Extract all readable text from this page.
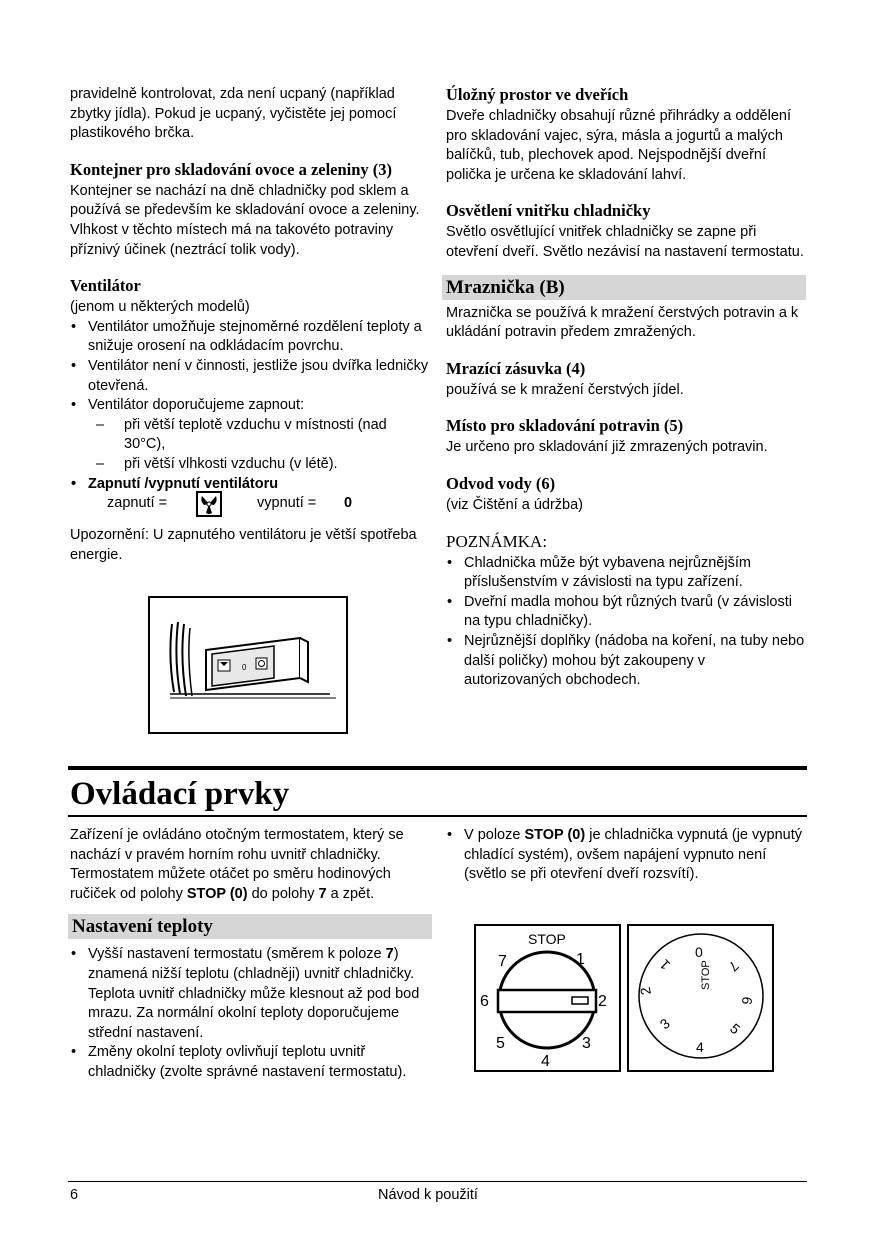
pravidelně kontrolovat, zda není ucpaný (například zbytky jídla). Pokud je ucpaný, vyčistěte jej pomocí plastikového brčka.

Kontejner pro skladování ovoce a zeleniny (3)

Kontejner se nachází na dně chladničky pod sklem a používá se především ke skladování ovoce a zeleniny. Vlhkost v těchto místech má na takovéto potraviny příznivý účinek (neztrácí tolik vody).

Ventilátor

(jenom u některých modelů)

• Ventilátor umožňuje stejnoměrné rozdělení teploty a snižuje orosení na odkládacím povrchu.

• Ventilátor není v činnosti, jestliže jsou dvířka ledničky otevřená.

• Ventilátor doporučujeme zapnout:

– při větší teplotě vzduchu v místnosti (nad 30°C),

– při větší vlhkosti vzduchu (v létě).

• Zapnutí /vypnutí ventilátoru

zapnutí =	vypnutí = 0

Upozornění: U zapnutého ventilátoru je větší spotřeba energie.

0

Úložný prostor ve dveřích

Dveře chladničky obsahují různé přihrádky a oddělení pro skladování vajec, sýra, másla a jogurtů a malých balíčků, tub, plechovek apod. Nejspodnější dveřní polička je určena ke skladování lahví.

Osvětlení vnitřku chladničky

Světlo osvětlující vnitřek chladničky se zapne při otevření dveří. Světlo nezávisí na nastavení termostatu.

Mraznička (B)

Mraznička se používá k mražení čerstvých potravin a k ukládání potravin předem zmražených.

Mrazící zásuvka (4)

používá se k mražení čerstvých jídel.

Místo pro skladování potravin (5)

Je určeno pro skladování již zmrazených potravin.

Odvod vody (6)

(viz Čištění a údržba)

POZNÁMKA:

• Chladnička může být vybavena nejrůznějším příslušenstvím v závislosti na typu zařízení.

• Dveřní madla mohou být různých tvarů (v závislosti na typu chladničky).

• Nejrůznější doplňky (nádoba na koření, na tuby nebo další poličky) mohou být zakoupeny v autorizovaných obchodech.

Ovládací prvky

Zařízení je ovládáno otočným termostatem, který se nachází v pravém horním rohu uvnitř chladničky.

Termostatem můžete otáčet po směru hodinových ručiček od polohy STOP (0) do polohy 7 a zpět.

Nastavení teploty

• Vyšší nastavení termostatu (směrem k poloze 7) znamená nižší teplotu (chladněji) uvnitř chladničky. Teplota uvnitř chladničky může klesnout až pod bod mrazu. Za normální okolní teploty doporučujeme střední nastavení.

• Změny okolní teploty ovlivňují teplotu uvnitř chladničky (zvolte správné nastavení termostatu).

• V poloze STOP (0) je chladnička vypnutá (je vypnutý chladící systém), ovšem napájení vypnuto není (světlo se při otevření dveří rozsvítí).

STOP
1
2
3
4
5
6
7
0
STOP
1
2
3
4
5
6
7
6	Návod k použití
